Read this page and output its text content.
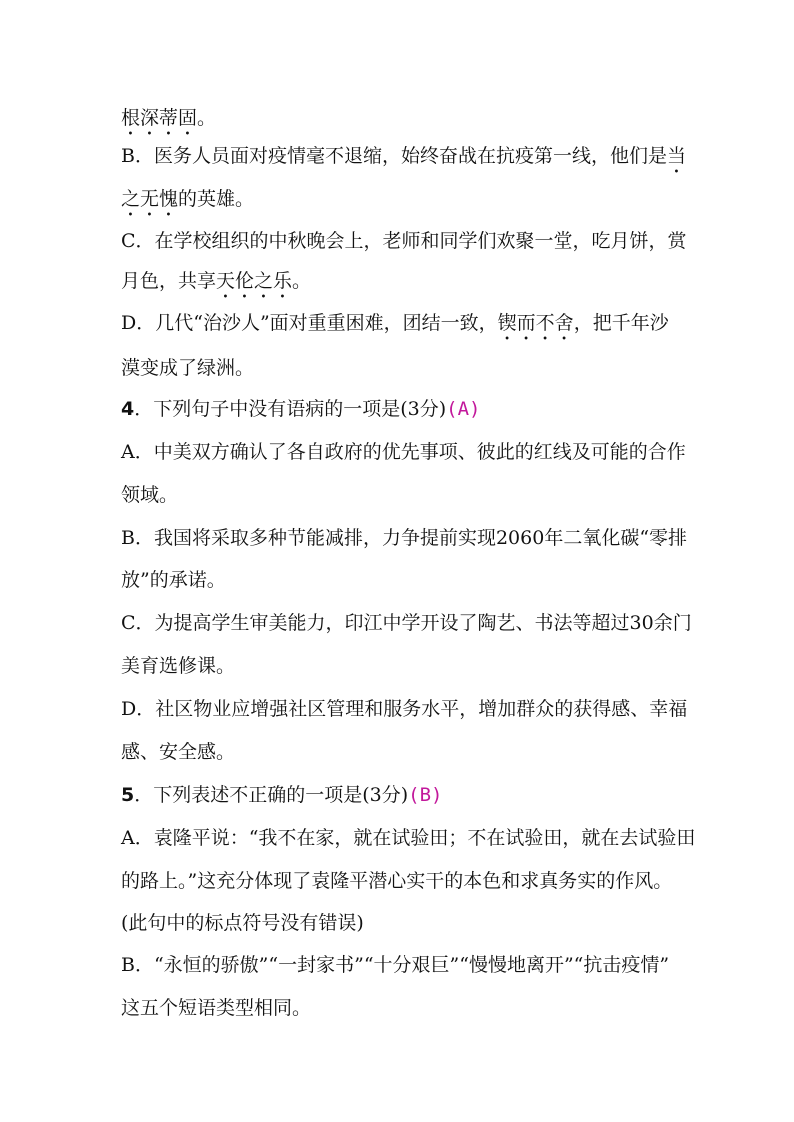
根深蒂固。
B．医务人员面对疫情毫不退缩，始终奋战在抗疫第一线，他们是当
之无愧的英雄。
C．在学校组织的中秋晚会上，老师和同学们欢聚一堂，吃月饼，赏
月色，共享天伦之乐。
D．几代“治沙人”面对重重困难，团结一致，锲而不舍，把千年沙
漠变成了绿洲。
4．下列句子中没有语病的一项是(3分)(A)
A．中美双方确认了各自政府的优先事项、彼此的红线及可能的合作
领域。
B．我国将采取多种节能减排，力争提前实现2060年二氧化碳“零排
放”的承诺。
C．为提高学生审美能力，印江中学开设了陶艺、书法等超过30余门
美育选修课。
D．社区物业应增强社区管理和服务水平，增加群众的获得感、幸福
感、安全感。
5．下列表述不正确的一项是(3分)(B)
A．袁隆平说：“我不在家，就在试验田；不在试验田，就在去试验田
的路上。”这充分体现了袁隆平潜心实干的本色和求真务实的作风。
(此句中的标点符号没有错误)
B．“永恒的骄傲”“一封家书”“十分艰巨”“慢慢地离开”“抗击疫情”
这五个短语类型相同。
